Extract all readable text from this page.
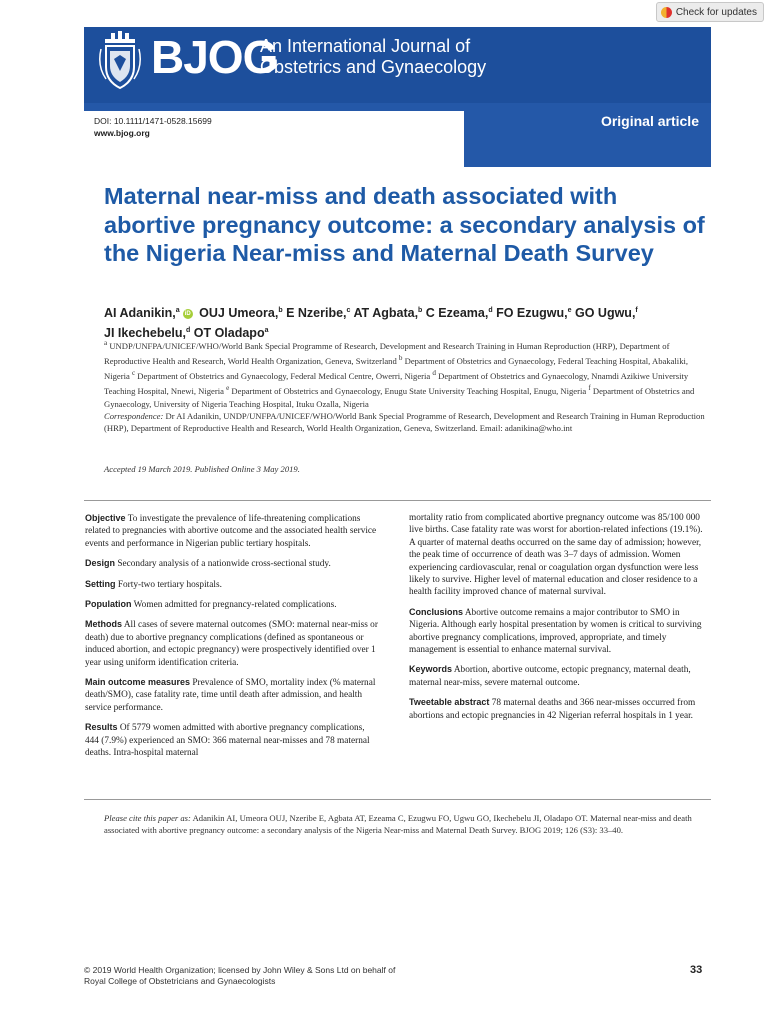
Check for updates
BJOG
An International Journal of
Obstetrics and Gynaecology
DOI: 10.1111/1471-0528.15699
www.bjog.org
Original article
Maternal near-miss and death associated with abortive pregnancy outcome: a secondary analysis of the Nigeria Near-miss and Maternal Death Survey
AI Adanikin,$^a$ iD OUJ Umeora,$^b$ E Nzeribe,$^c$ AT Agbata,$^b$ C Ezeama,$^d$ FO Ezugwu,$^e$ GO Ugwu,$^f$
JI Ikechebelu,$^d$ OT Oladapo$^a$
$^a$ UNDP/UNFPA/UNICEF/WHO/World Bank Special Programme of Research, Development and Research Training in Human Reproduction (HRP), Department of Reproductive Health and Research, World Health Organization, Geneva, Switzerland $^b$ Department of Obstetrics and Gynaecology, Federal Teaching Hospital, Abakaliki, Nigeria $^c$ Department of Obstetrics and Gynaecology, Federal Medical Centre, Owerri, Nigeria $^d$ Department of Obstetrics and Gynaecology, Nnamdi Azikiwe University Teaching Hospital, Nnewi, Nigeria $^e$ Department of Obstetrics and Gynaecology, Enugu State University Teaching Hospital, Enugu, Nigeria $^f$ Department of Obstetrics and Gynaecology, University of Nigeria Teaching Hospital, Ituku Ozalla, Nigeria
Correspondence: Dr AI Adanikin, UNDP/UNFPA/UNICEF/WHO/World Bank Special Programme of Research, Development and Research Training in Human Reproduction (HRP), Department of Reproductive Health and Research, World Health Organization, Geneva, Switzerland. Email: adanikina@who.int
Accepted 19 March 2019. Published Online 3 May 2019.

Objective To investigate the prevalence of life-threatening complications related to pregnancies with abortive outcome and the associated health service events and performance in Nigerian public tertiary hospitals.

Design Secondary analysis of a nationwide cross-sectional study.

Setting Forty-two tertiary hospitals.

Population Women admitted for pregnancy-related complications.

Methods All cases of severe maternal outcomes (SMO: maternal near-miss or death) due to abortive pregnancy complications (defined as spontaneous or induced abortion, and ectopic pregnancy) were prospectively identified over 1 year using uniform identification criteria.

Main outcome measures Prevalence of SMO, mortality index (% maternal death/SMO), case fatality rate, time until death after admission, and health service performance.

Results Of 5779 women admitted with abortive pregnancy complications, 444 (7.9%) experienced an SMO: 366 maternal near-misses and 78 maternal deaths. Intra-hospital maternal

mortality ratio from complicated abortive pregnancy outcome was 85/100 000 live births. Case fatality rate was worst for abortion-related infections (19.1%). A quarter of maternal deaths occurred on the same day of admission; however, the peak time of occurrence of death was 3–7 days of admission. Women experiencing cardiovascular, renal or coagulation organ dysfunction were less likely to survive. Higher level of maternal education and closer residence to a health facility improved chance of maternal survival.

Conclusions Abortive outcome remains a major contributor to SMO in Nigeria. Although early hospital presentation by women is critical to surviving abortive pregnancy complications, improved, appropriate, and timely management is essential to enhance maternal survival.

Keywords Abortion, abortive outcome, ectopic pregnancy, maternal death, maternal near-miss, severe maternal outcome.

Tweetable abstract 78 maternal deaths and 366 near-misses occurred from abortions and ectopic pregnancies in 42 Nigerian referral hospitals in 1 year.

Please cite this paper as: Adanikin AI, Umeora OUJ, Nzeribe E, Agbata AT, Ezeama C, Ezugwu FO, Ugwu GO, Ikechebelu JI, Oladapo OT. Maternal near-miss and death associated with abortive pregnancy outcome: a secondary analysis of the Nigeria Near-miss and Maternal Death Survey. BJOG 2019; 126 (S3): 33–40.
© 2019 World Health Organization; licensed by John Wiley & Sons Ltd on behalf of
Royal College of Obstetricians and Gynaecologists
33
